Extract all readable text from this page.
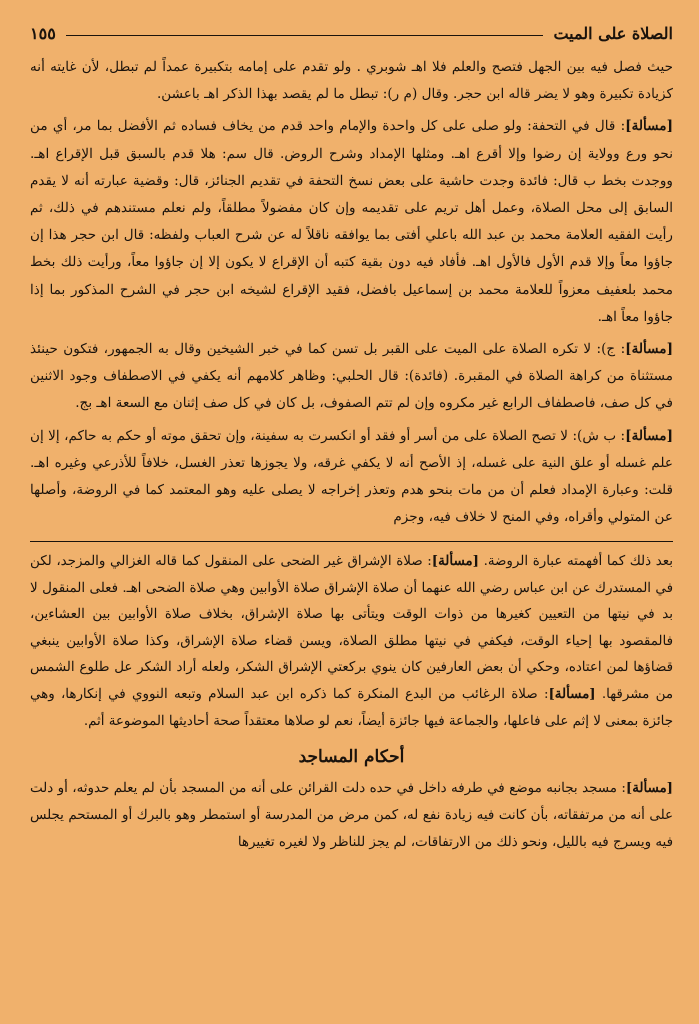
الصلاة على الميت
١٥٥

حيث فصل فيه بين الجهل فتصح والعلم فلا اهـ شوبري . ولو تقدم على إمامه بتكبيرة عمداً لم تبطل، لأن غايته أنه كزيادة تكبيرة وهو لا يضر قاله ابن حجر. وقال (م ر): تبطل ما لم يقصد بهذا الذكر اهـ باعشن.

[مسألة]: قال في التحفة: ولو صلى على كل واحدة والإمام واحد قدم من يخاف فساده ثم الأفضل بما مر، أي من نحو ورع وولاية إن رضوا وإلا أقرع اهـ. ومثلها الإمداد وشرح الروض. قال سم: هلا قدم بالسبق قبل الإقراع اهـ. ووجدت بخط ب قال: فائدة وجدت حاشية على بعض نسخ التحفة في تقديم الجنائز، قال: وقضية عبارته أنه لا يقدم السابق إلى محل الصلاة، وعمل أهل تريم على تقديمه وإن كان مفضولاً مطلقاً، ولم نعلم مستندهم في ذلك، ثم رأيت الفقيه العلامة محمد بن عبد الله باعلي أفتى بما يوافقه ناقلاً له عن شرح العباب ولفظه: قال ابن حجر هذا إن جاؤوا معاً وإلا قدم الأول فالأول اهـ. فأفاد فيه دون بقية كتبه أن الإقراع لا يكون إلا إن جاؤوا معاً، ورأيت ذلك بخط محمد بلعفيف معزواً للعلامة محمد بن إسماعيل بافضل، فقيد الإقراع لشيخه ابن حجر في الشرح المذكور بما إذا جاؤوا معاً اهـ.

[مسألة]: ج): لا تكره الصلاة على الميت على القبر بل تسن كما في خبر الشيخين وقال به الجمهور، فتكون حينئذ مستثناة من كراهة الصلاة في المقبرة. (فائدة): قال الحلبي: وظاهر كلامهم أنه يكفي في الاصطفاف وجود الاثنين في كل صف، فاصطفاف الرابع غير مكروه وإن لم تتم الصفوف، بل كان في كل صف إثنان مع السعة اهـ بج.

[مسألة]: ب ش): لا تصح الصلاة على من أسر أو فقد أو انكسرت به سفينة، وإن تحقق موته أو حكم به حاكم، إلا إن علم غسله أو علق النية على غسله، إذ الأصح أنه لا يكفي غرقه، ولا يجوزها تعذر الغسل، خلافاً للأذرعي وغيره اهـ. قلت: وعبارة الإمداد فعلم أن من مات بنحو هدم وتعذر إخراجه لا يصلى عليه وهو المعتمد كما في الروضة، وأصلها عن المتولي وأقراه، وفي المنح لا خلاف فيه، وجزم

بعد ذلك كما أفهمته عبارة الروضة. [مسألة]: صلاة الإشراق غير الضحى على المنقول كما قاله الغزالي والمزجد، لكن في المستدرك عن ابن عباس رضي الله عنهما أن صلاة الإشراق صلاة الأوابين وهي صلاة الضحى اهـ. فعلى المنقول لا بد في نيتها من التعيين كغيرها من ذوات الوقت ويتأتى بها صلاة الإشراق، بخلاف صلاة الأوابين بين العشاءين، فالمقصود بها إحياء الوقت، فيكفي في نيتها مطلق الصلاة، ويسن قضاء صلاة الإشراق، وكذا صلاة الأوابين ينبغي قضاؤها لمن اعتاده، وحكي أن بعض العارفين كان ينوي بركعتي الإشراق الشكر، ولعله أراد الشكر عل طلوع الشمس من مشرقها. [مسألة]: صلاة الرغائب من البدع المنكرة كما ذكره ابن عبد السلام وتبعه النووي في إنكارها، وهي جائزة بمعنى لا إثم على فاعلها، والجماعة فيها جائزة أيضاً، نعم لو صلاها معتقداً صحة أحاديثها الموضوعة أثم.

أحكام المساجد

[مسألة]: مسجد بجانبه موضع في طرفه داخل في حده دلت القرائن على أنه من المسجد بأن لم يعلم حدوثه، أو دلت على أنه من مرتفقاته، بأن كانت فيه زيادة نفع له، كمن مرض من المدرسة أو استمطر وهو بالبرك أو المستحم يجلس فيه ويسرج فيه بالليل، ونحو ذلك من الارتفاقات، لم يجز للناظر ولا لغيره تغييرها
